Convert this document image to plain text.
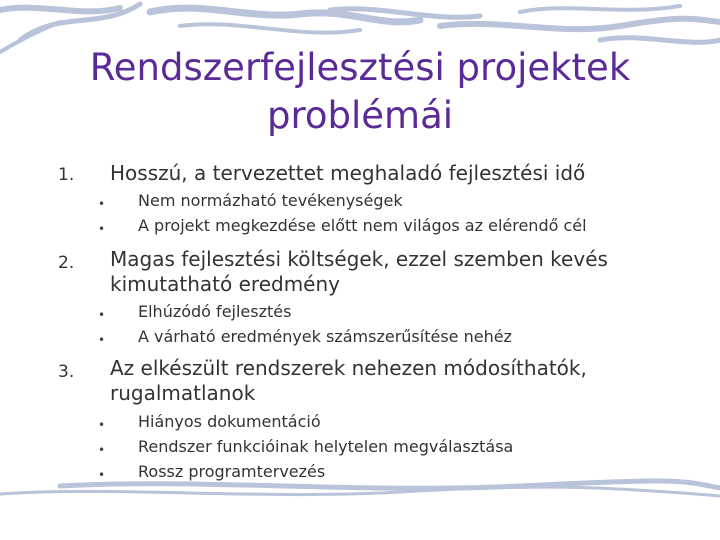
Rendszerfejlesztési projektek
problémái
1. Hosszú, a tervezettet meghaladó fejlesztési idő
• Nem normázható tevékenységek
• A projekt megkezdése előtt nem világos az elérendő cél
2. Magas fejlesztési költségek, ezzel szemben kevés
kimutatható eredmény
• Elhúzódó fejlesztés
• A várható eredmények számszerűsítése nehéz
3. Az elkészült rendszerek nehezen módosíthatók,
rugalmatlanok
• Hiányos dokumentáció
• Rendszer funkcióinak helytelen megválasztása
• Rossz programtervezés
